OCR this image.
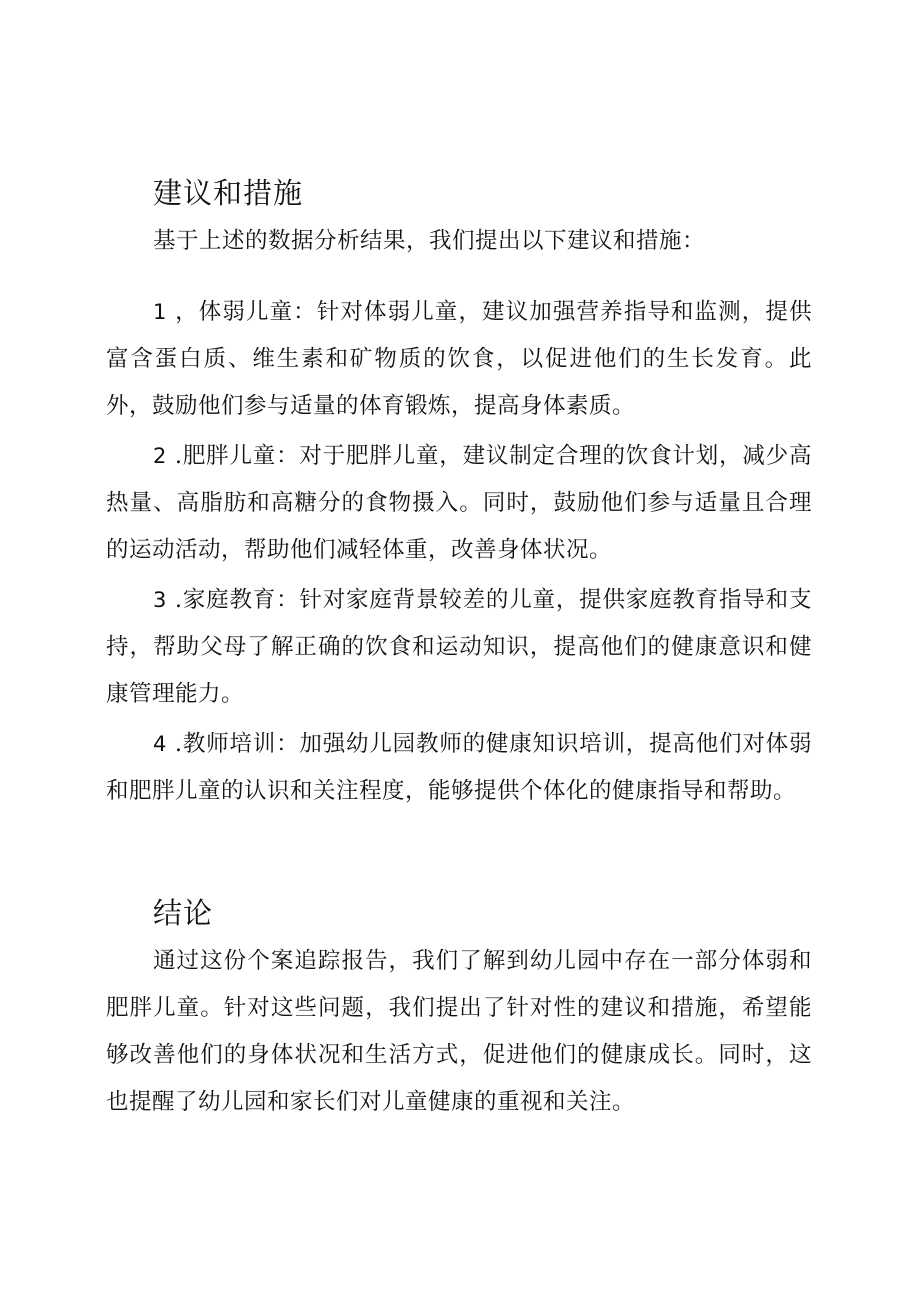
建议和措施

基于上述的数据分析结果，我们提出以下建议和措施：

1 ，体弱儿童：针对体弱儿童，建议加强营养指导和监测，提供富含蛋白质、维生素和矿物质的饮食，以促进他们的生长发育。此外，鼓励他们参与适量的体育锻炼，提高身体素质。

2 .肥胖儿童：对于肥胖儿童，建议制定合理的饮食计划，减少高热量、高脂肪和高糖分的食物摄入。同时，鼓励他们参与适量且合理的运动活动，帮助他们减轻体重，改善身体状况。

3 .家庭教育：针对家庭背景较差的儿童，提供家庭教育指导和支持，帮助父母了解正确的饮食和运动知识，提高他们的健康意识和健康管理能力。

4 .教师培训：加强幼儿园教师的健康知识培训，提高他们对体弱和肥胖儿童的认识和关注程度，能够提供个体化的健康指导和帮助。

结论

通过这份个案追踪报告，我们了解到幼儿园中存在一部分体弱和肥胖儿童。针对这些问题，我们提出了针对性的建议和措施，希望能够改善他们的身体状况和生活方式，促进他们的健康成长。同时，这也提醒了幼儿园和家长们对儿童健康的重视和关注。
